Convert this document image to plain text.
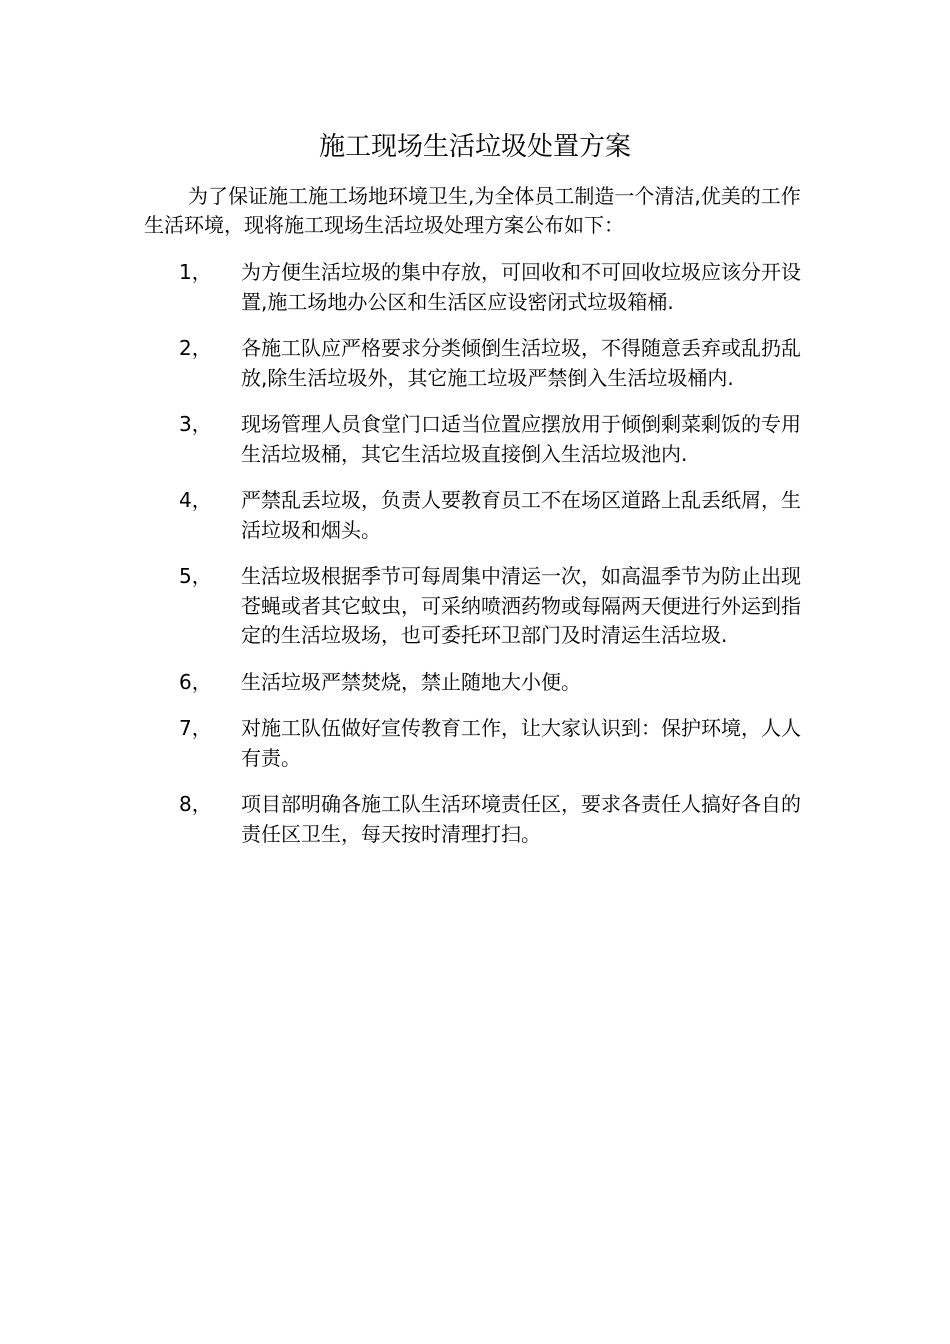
施工现场生活垃圾处置方案

为了保证施工施工场地环境卫生,为全体员工制造一个清洁,优美的工作生活环境，现将施工现场生活垃圾处理方案公布如下：

1，	为方便生活垃圾的集中存放，可回收和不可回收垃圾应该分开设置,施工场地办公区和生活区应设密闭式垃圾箱桶.
2，	各施工队应严格要求分类倾倒生活垃圾，不得随意丢弃或乱扔乱放,除生活垃圾外，其它施工垃圾严禁倒入生活垃圾桶内.
3，	现场管理人员食堂门口适当位置应摆放用于倾倒剩菜剩饭的专用生活垃圾桶，其它生活垃圾直接倒入生活垃圾池内.
4，	严禁乱丢垃圾，负责人要教育员工不在场区道路上乱丢纸屑，生活垃圾和烟头。
5，	生活垃圾根据季节可每周集中清运一次，如高温季节为防止出现苍蝇或者其它蚊虫，可采纳喷洒药物或每隔两天便进行外运到指定的生活垃圾场，也可委托环卫部门及时清运生活垃圾.
6，	生活垃圾严禁焚烧，禁止随地大小便。
7，	对施工队伍做好宣传教育工作，让大家认识到：保护环境，人人有责。
8，	项目部明确各施工队生活环境责任区，要求各责任人搞好各自的责任区卫生，每天按时清理打扫。
